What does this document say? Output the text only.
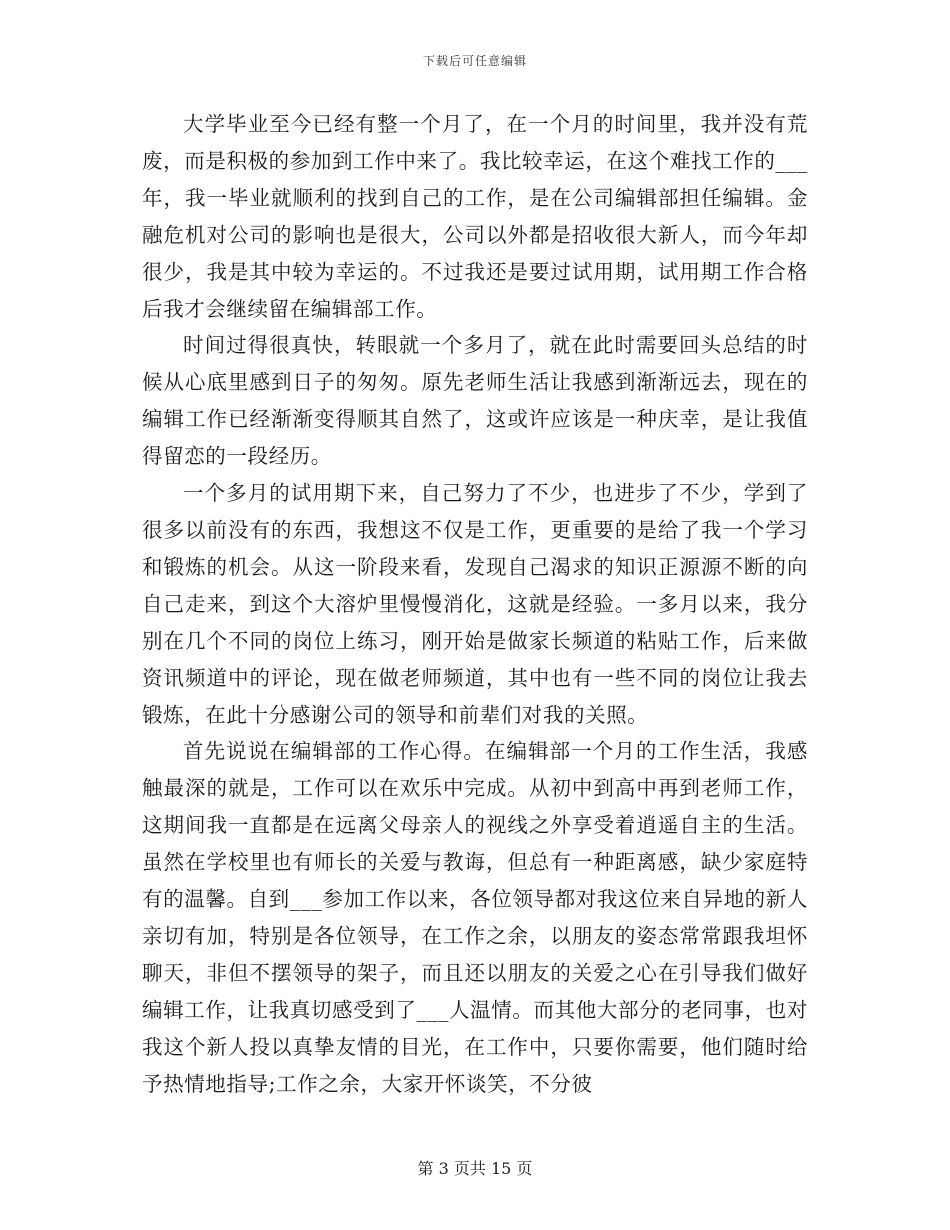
下载后可任意编辑

大学毕业至今已经有整一个月了，在一个月的时间里，我并没有荒废，而是积极的参加到工作中来了。我比较幸运，在这个难找工作的___年，我一毕业就顺利的找到自己的工作，是在公司编辑部担任编辑。金融危机对公司的影响也是很大，公司以外都是招收很大新人，而今年却很少，我是其中较为幸运的。不过我还是要过试用期，试用期工作合格后我才会继续留在编辑部工作。

时间过得很真快，转眼就一个多月了，就在此时需要回头总结的时候从心底里感到日子的匆匆。原先老师生活让我感到渐渐远去，现在的编辑工作已经渐渐变得顺其自然了，这或许应该是一种庆幸，是让我值得留恋的一段经历。

一个多月的试用期下来，自己努力了不少，也进步了不少，学到了很多以前没有的东西，我想这不仅是工作，更重要的是给了我一个学习和锻炼的机会。从这一阶段来看，发现自己渴求的知识正源源不断的向自己走来，到这个大溶炉里慢慢消化，这就是经验。一多月以来，我分别在几个不同的岗位上练习，刚开始是做家长频道的粘贴工作，后来做资讯频道中的评论，现在做老师频道，其中也有一些不同的岗位让我去锻炼，在此十分感谢公司的领导和前辈们对我的关照。

首先说说在编辑部的工作心得。在编辑部一个月的工作生活，我感触最深的就是，工作可以在欢乐中完成。从初中到高中再到老师工作，这期间我一直都是在远离父母亲人的视线之外享受着逍遥自主的生活。虽然在学校里也有师长的关爱与教诲，但总有一种距离感，缺少家庭特有的温馨。自到___参加工作以来，各位领导都对我这位来自异地的新人亲切有加，特别是各位领导，在工作之余，以朋友的姿态常常跟我坦怀聊天，非但不摆领导的架子，而且还以朋友的关爱之心在引导我们做好编辑工作，让我真切感受到了___人温情。而其他大部分的老同事，也对我这个新人投以真挚友情的目光，在工作中，只要你需要，他们随时给予热情地指导;工作之余，大家开怀谈笑，不分彼

第 3 页共 15 页
